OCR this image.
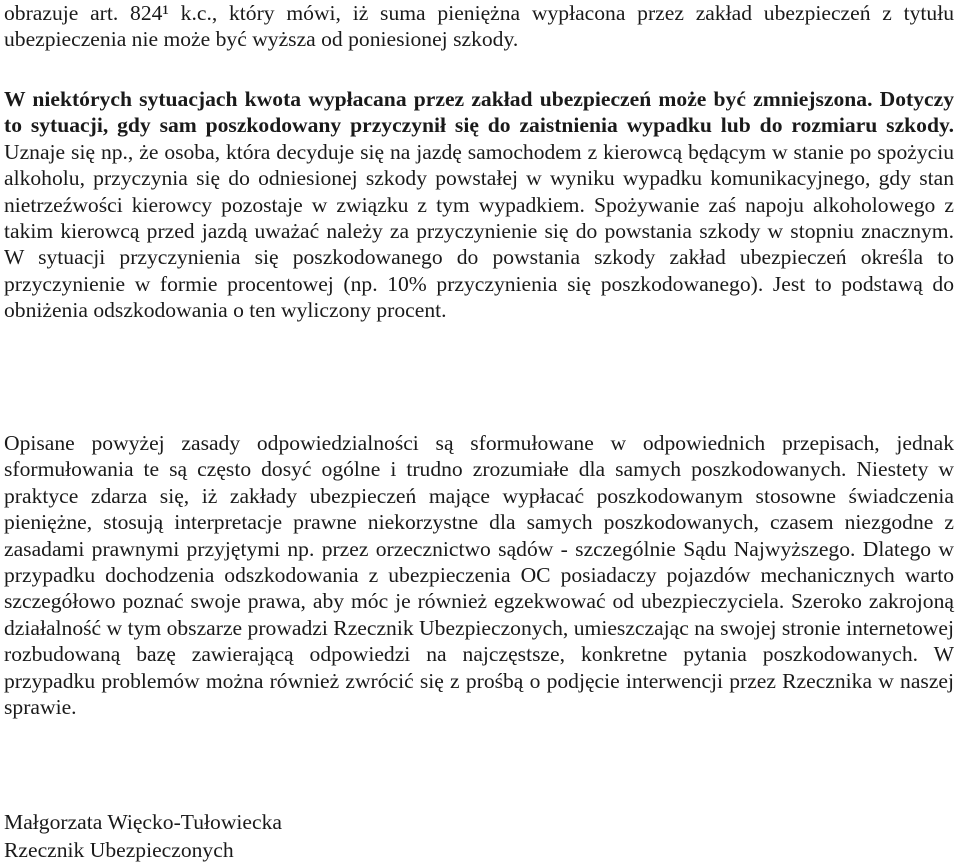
obrazuje art. 824¹ k.c., który mówi, iż suma pieniężna wypłacona przez zakład ubezpieczeń z tytułu ubezpieczenia nie może być wyższa od poniesionej szkody.

W niektórych sytuacjach kwota wypłacana przez zakład ubezpieczeń może być zmniejszona. Dotyczy to sytuacji, gdy sam poszkodowany przyczynił się do zaistnienia wypadku lub do rozmiaru szkody. Uznaje się np., że osoba, która decyduje się na jazdę samochodem z kierowcą będącym w stanie po spożyciu alkoholu, przyczynia się do odniesionej szkody powstałej w wyniku wypadku komunikacyjnego, gdy stan nietrzeźwości kierowcy pozostaje w związku z tym wypadkiem. Spożywanie zaś napoju alkoholowego z takim kierowcą przed jazdą uważać należy za przyczynienie się do powstania szkody w stopniu znacznym. W sytuacji przyczynienia się poszkodowanego do powstania szkody zakład ubezpieczeń określa to przyczynienie w formie procentowej (np. 10% przyczynienia się poszkodowanego). Jest to podstawą do obniżenia odszkodowania o ten wyliczony procent.

Opisane powyżej zasady odpowiedzialności są sformułowane w odpowiednich przepisach, jednak sformułowania te są często dosyć ogólne i trudno zrozumiałe dla samych poszkodowanych. Niestety w praktyce zdarza się, iż zakłady ubezpieczeń mające wypłacać poszkodowanym stosowne świadczenia pieniężne, stosują interpretacje prawne niekorzystne dla samych poszkodowanych, czasem niezgodne z zasadami prawnymi przyjętymi np. przez orzecznictwo sądów - szczególnie Sądu Najwyższego. Dlatego w przypadku dochodzenia odszkodowania z ubezpieczenia OC posiadaczy pojazdów mechanicznych warto szczegółowo poznać swoje prawa, aby móc je również egzekwować od ubezpieczyciela. Szeroko zakrojoną działalność w tym obszarze prowadzi Rzecznik Ubezpieczonych, umieszczając na swojej stronie internetowej rozbudowaną bazę zawierającą odpowiedzi na najczęstsze, konkretne pytania poszkodowanych. W przypadku problemów można również zwrócić się z prośbą o podjęcie interwencji przez Rzecznika w naszej sprawie.

Małgorzata Więcko-Tułowiecka
Rzecznik Ubezpieczonych
